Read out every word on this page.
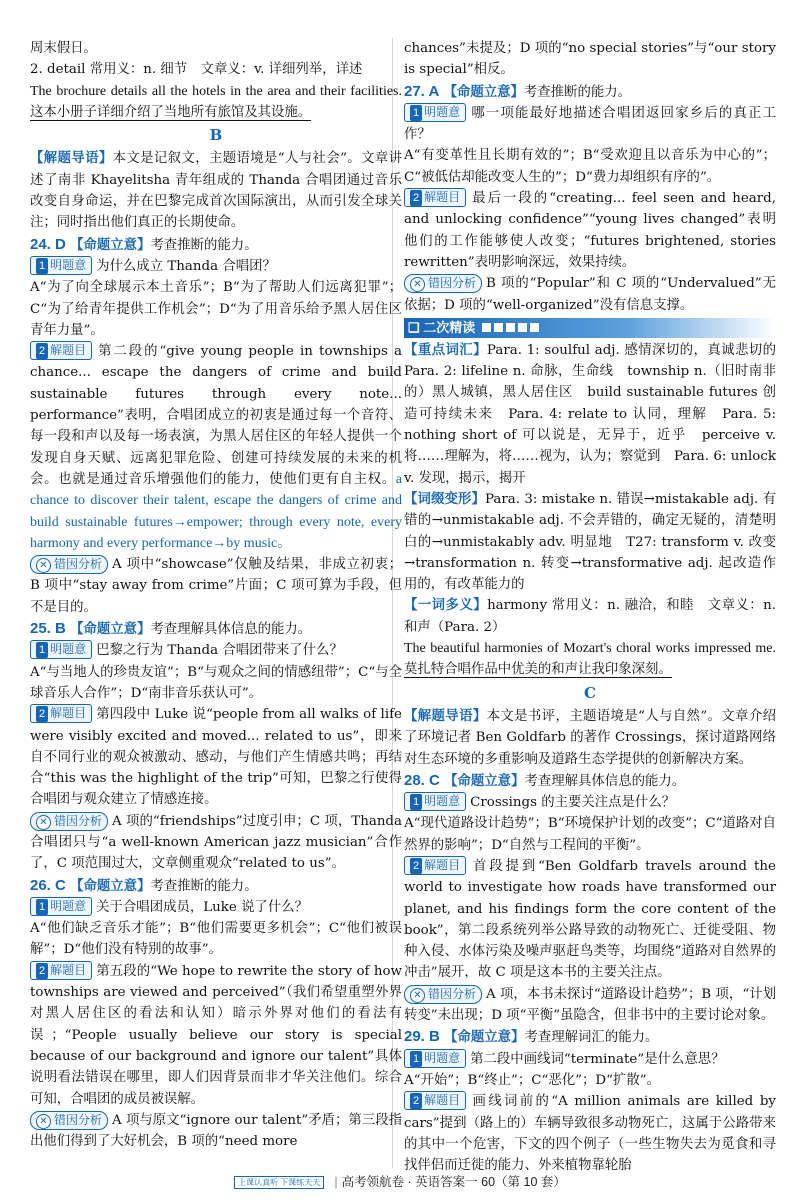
周末假日。

2. detail 常用义：n. 细节　文章义：v. 详细列举，详述

The brochure details all the hotels in the area and their facilities.这本小册子详细介绍了当地所有旅馆及其设施。

B

【解题导语】本文是记叙文，主题语境是“人与社会”。文章讲述了南非 Khayelitsha 青年组成的 Thanda 合唱团通过音乐改变自身命运，并在巴黎完成首次国际演出，从而引发全球关注；同时指出他们真正的长期使命。

24. D 【命题立意】考查推断的能力。

1 明题意 为什么成立 Thanda 合唱团？

A“为了向全球展示本土音乐”；B“为了帮助人们远离犯罪”；C“为了给青年提供工作机会”；D“为了用音乐给予黑人居住区青年力量”。

2 解题目 第二段的“give young people in townships a chance... escape the dangers of crime and build sustainable futures through every note... performance”表明，合唱团成立的初衷是通过每一个音符、每一段和声以及每一场表演，为黑人居住区的年轻人提供一个发现自身天赋、远离犯罪危险、创建可持续发展的未来的机会。也就是通过音乐增强他们的能力，使他们更有自主权。a chance to discover their talent, escape the dangers of crime and build sustainable futures→empower; through every note, every harmony and every performance→by music。

✕ 错因分析 A 项中“showcase”仅触及结果，非成立初衷；B 项中“stay away from crime”片面；C 项可算为手段，但不是目的。

25. B 【命题立意】考查理解具体信息的能力。

1 明题意 巴黎之行为 Thanda 合唱团带来了什么？

A“与当地人的珍贵友谊”；B“与观众之间的情感纽带”；C“与全球音乐人合作”；D“南非音乐获认可”。

2 解题目 第四段中 Luke 说“people from all walks of life were visibly excited and moved... related to us”，即来自不同行业的观众被激动、感动，与他们产生情感共鸣；再结合“this was the highlight of the trip”可知，巴黎之行使得合唱团与观众建立了情感连接。

✕ 错因分析 A 项的“friendships”过度引申；C 项，Thanda 合唱团只与“a well-known American jazz musician”合作了，C 项范围过大，文章侧重观众“related to us”。

26. C 【命题立意】考查推断的能力。

1 明题意 关于合唱团成员，Luke 说了什么？

A“他们缺乏音乐才能”；B“他们需要更多机会”；C“他们被误解”；D“他们没有特别的故事”。

2 解题目 第五段的“We hope to rewrite the story of how townships are viewed and perceived”（我们希望重塑外界对黑人居住区的看法和认知）暗示外界对他们的看法有误；“People usually believe our story is special because of our background and ignore our talent”具体说明看法错误在哪里，即人们因背景而非才华关注他们。综合可知，合唱团的成员被误解。

✕ 错因分析 A 项与原文“ignore our talent”矛盾；第三段指出他们得到了大好机会，B 项的“need more

chances”未提及；D 项的“no special stories”与“our story is special”相反。

27. A 【命题立意】考查推断的能力。

1 明题意 哪一项能最好地描述合唱团返回家乡后的真正工作？

A“有变革性且长期有效的”；B“受欢迎且以音乐为中心的”；C“被低估却能改变人生的”；D“费力却组织有序的”。

2 解题目 最后一段的“creating... feel seen and heard, and unlocking confidence”“young lives changed”表明他们的工作能够使人改变；“futures brightened, stories rewritten”表明影响深远，效果持续。

✕ 错因分析 B 项的“Popular”和 C 项的“Undervalued”无依据；D 项的“well-organized”没有信息支撑。

❏
二次精读

【重点词汇】Para. 1: soulful adj. 感情深切的，真诚悲切的　Para. 2: lifeline n. 命脉，生命线　township n.（旧时南非的）黑人城镇，黑人居住区　build sustainable futures 创造可持续未来　Para. 4: relate to 认同，理解　Para. 5: nothing short of 可以说是，无异于，近乎　perceive v. 将……理解为，将……视为，认为；察觉到　Para. 6: unlock v. 发现，揭示，揭开

【词缀变形】Para. 3: mistake n. 错误→mistakable adj. 有错的→unmistakable adj. 不会弄错的，确定无疑的，清楚明白的→unmistakably adv. 明显地　T27: transform v. 改变→transformation n. 转变→transformative adj. 起改造作用的，有改革能力的

【一词多义】harmony 常用义：n. 融洽，和睦　文章义：n. 和声（Para. 2）

The beautiful harmonies of Mozart's choral works impressed me.莫扎特合唱作品中优美的和声让我印象深刻。

C

【解题导语】本文是书评，主题语境是“人与自然”。文章介绍了环境记者 Ben Goldfarb 的著作 Crossings，探讨道路网络对生态环境的多重影响及道路生态学提供的创新解决方案。

28. C 【命题立意】考查理解具体信息的能力。

1 明题意 Crossings 的主要关注点是什么？

A“现代道路设计趋势”；B“环境保护计划的改变”；C“道路对自然界的影响”；D“自然与工程间的平衡”。

2 解题目 首段提到“Ben Goldfarb travels around the world to investigate how roads have transformed our planet, and his findings form the core content of the book”，第二段系统列举公路导致的动物死亡、迁徙受阻、物种入侵、水体污染及噪声驱赶鸟类等，均围绕“道路对自然界的冲击”展开，故 C 项是这本书的主要关注点。

✕ 错因分析 A 项，本书未探讨“道路设计趋势”；B 项，“计划转变”未出现；D 项“平衡”虽隐含，但非书中的主要讨论对象。

29. B 【命题立意】考查理解词汇的能力。

1 明题意 第二段中画线词“terminate”是什么意思？

A“开始”；B“终止”；C“恶化”；D“扩散”。

2 解题目 画线词前的“A million animals are killed by cars”提到（路上的）车辆导致很多动物死亡，这属于公路带来的其中一个危害，下文的四个例子（一些生物失去为觅食和寻找伴侣而迁徙的能力、外来植物靠轮胎

上课认真听 下课练天天 | 高考领航卷 · 英语答案一 60（第 10 套）
